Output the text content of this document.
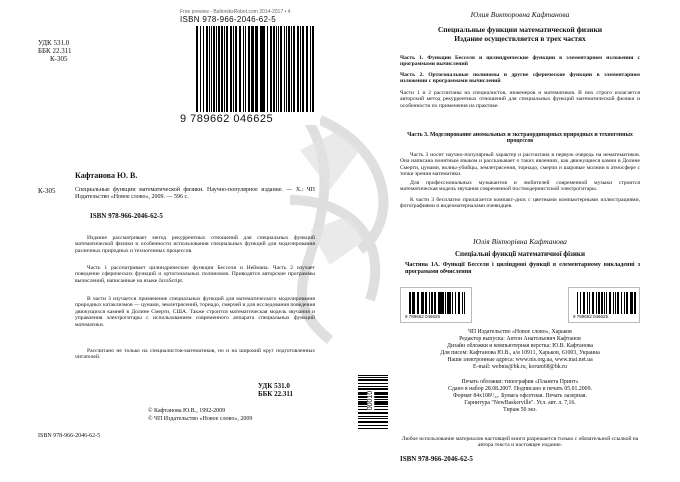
УДК 531.0
ББК 22.311
К-305
Free preview - BaltoniksRobot.com 2014-2017 • 4
ISBN 978-966-2046-62-5
9 789662 046625
Кафтанова Ю. В.
К-305	Специальные функции математической физики. Научно-популярное издание. — Х.: ЧП Издательство «Новое слово», 2009. — 596 с.
ISBN 978-966-2046-62-5
Издание рассматривает метод рекуррентных отношений для специальных функций математической физики и особенности использования специальных функций для моделирования различных природных и техногенных процессов.
Часть 1 рассматривает цилиндрические функции Бесселя и Неймана. Часть 2 изучает поведение сферических функций и ортогональных полиномов. Приводятся авторские программы вычислений, написанные на языке JavaScript.
В части 3 изучается применение специальных функций для математического моделирования природных катаклизмов — цунами, землетрясений, торнадо, смерчей и для исследования поведения движущихся камней в Долине Смерти, США. Также строится математическая модель звучания и управления электрогитары с использованием современного аппарата специальных функций математики.
Рассчитано не только на специалистов-математиков, но и на широкий круг подготовленных читателей.
УДК 531.0
ББК 22.311
© Кафтанова Ю.В., 1992-2009
© ЧП Издательство «Новое слово», 2009
ISBN 978-966-2046-62-5
Юлия Викторовна Кафтанова
Специальные функции математической физики
Издание осуществляется в трех частях
Часть 1. Функции Бесселя и цилиндрические функции в элементарном изложении с программами вычислений
Часть 2. Ортогональные полиномы и другие сферические функции в элементарном изложении с программами вычислений
Части 1 и 2 рассчитаны на специалистов, инженеров и математиков. В них строго излагается авторский метод рекуррентных отношений для специальных функций математической физики и особенности их применения на практике.
Часть 3. Моделирование аномальных и экстраординарных природных и техногенных процессов
Часть 3 носит научно-популярный характер и рассчитана в первую очередь на нематематиков. Она написана понятным языком и рассказывает о таких явлениях, как движущиеся камни в Долине Смерти, цунами, волны-убийцы, землетрясения, торнадо, смерчи и шаровые молнии в атмосфере с точки зрения математики.
Для профессиональных музыкантов и любителей современной музыки строится математическая модель звучания современной постмодернистской электрогитары.
К части 3 бесплатно прилагается компакт-диск с цветными компьютерными иллюстрациями, фотографиями и видеоматериалами очевидцев.
Юлія Вікторівна Кафтанова
Спеціальні функції математичної фізики
Частина 1А. Функції Бесселя і циліндрові функції в елементарному викладенні з програмами обчислення
9 789662 046625	9 789662 046625
ЧП Издательство «Новое слово», Харьков
Редактор выпуска: Антон Анатольевич Кафтанов
Дизайн обложки и компьютерная верстка: Ю.В. Кафтанова
Для писем: Кафтанова Ю.В., а/я 10911, Харьков, 61003, Украина
Наши электронные адреса: www.nis.org.ua, www.mai.net.ua
E-mail: webnis@bk.ru, korum68@bk.ru
Печать обложки: типография «Планета Принт»
Сдано в набор 28.08.2007. Подписано в печать 05.01.2009.
Формат 84х108¹/₃₂. Бумага офсетная. Печать лазерная.
Гарнитура "NewBaskerville". Усл. авт. л. 7,16.
Тираж 50 экз.
00010
Любое использование материалов настоящей книги разрешается только с обязательной ссылкой на автора текста и настоящее издание.
ISBN 978-966-2046-62-5
